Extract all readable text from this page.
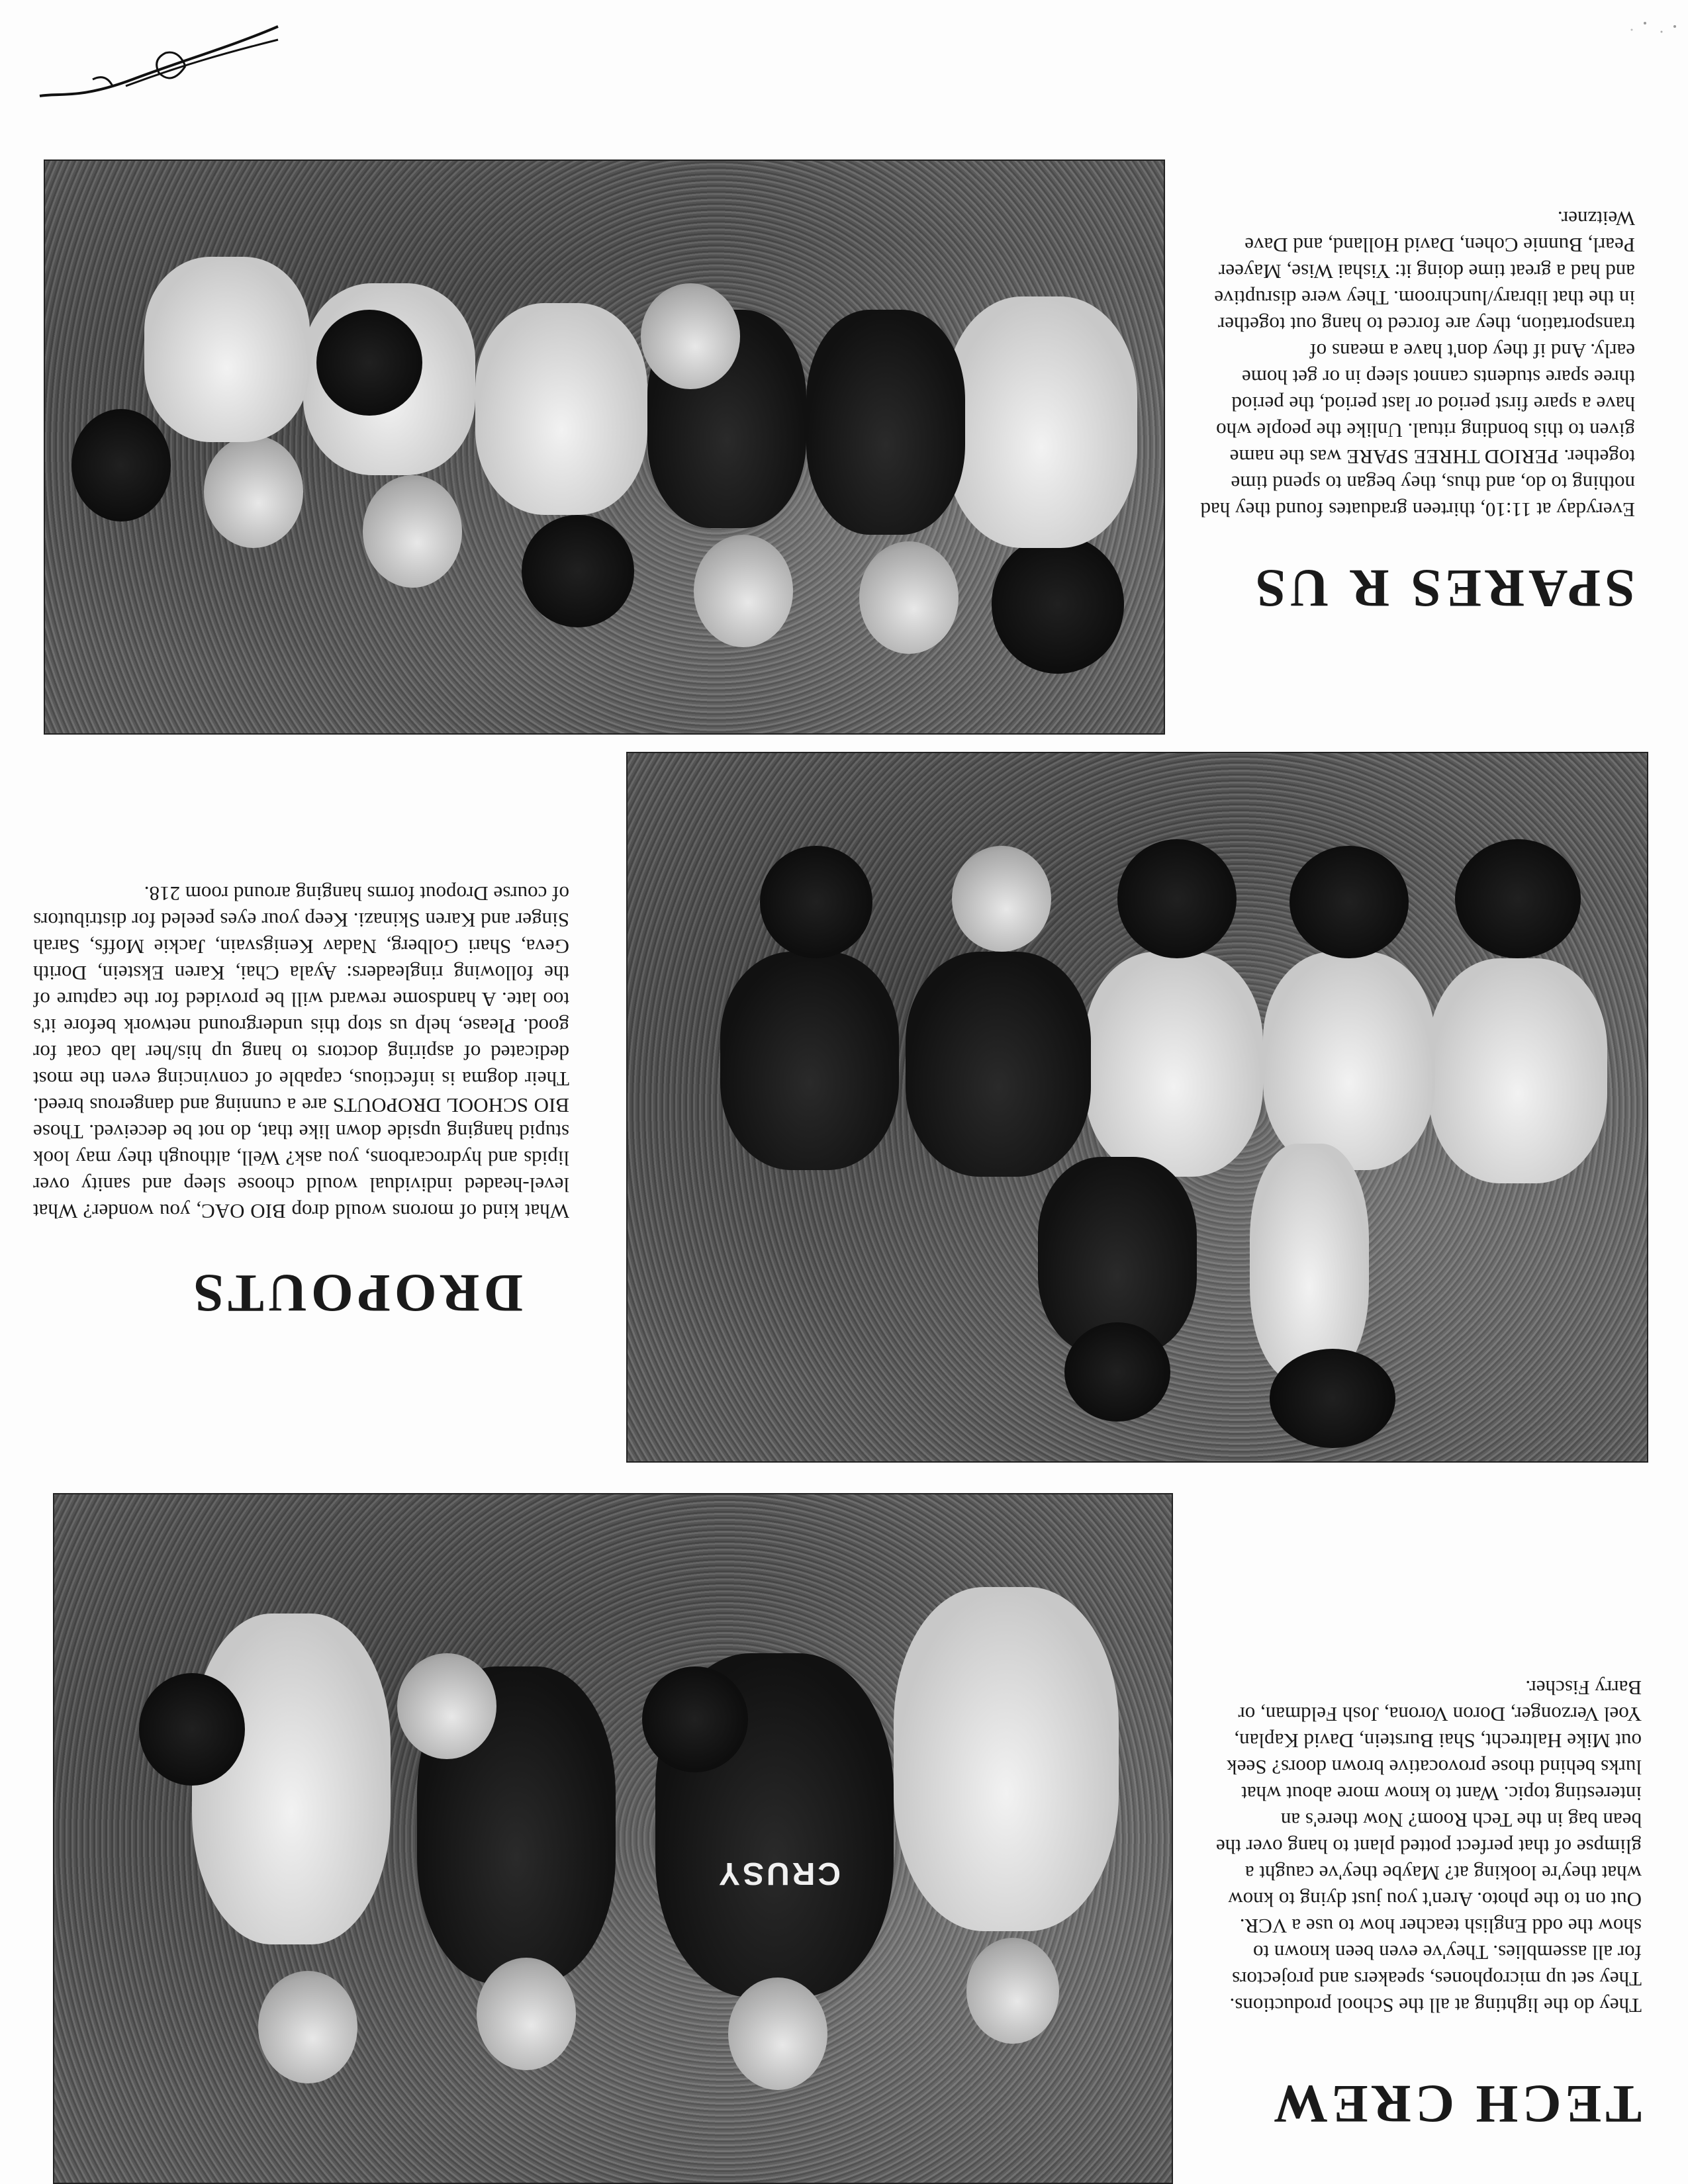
CRUSY
TECH CREW

They do the lighting at all the School productions. They set up microphones, speakers and projectors for all assemblies. They've even been known to show the odd English teacher how to use a VCR. Out on to the photo. Aren't you just dying to know what they're looking at? Maybe they've caught a glimpse of that perfect potted plant to hang over the bean bag in the Tech Room? Now there's an interesting topic. Want to know more about what lurks behind those provocative brown doors? Seek out Mike Haltrecht, Shai Burstein, David Kaplan, Yoel Verzonger, Doron Vorona, Josh Feldman, or Barry Fischer.

DROPOUTS

What kind of morons would drop BIO OAC, you wonder? What level-headed individual would choose sleep and sanity over lipids and hydrocarbons, you ask? Well, although they may look stupid hanging upside down like that, do not be deceived. Those BIO SCHOOL DROPOUTS are a cunning and dangerous breed. Their dogma is infectious, capable of convincing even the most dedicated of aspiring doctors to hang up his/her lab coat for good. Please, help us stop this underground network before it's too late. A handsome reward will be provided for the capture of the following ringleaders: Ayala Chai, Karen Ekstein, Dorith Geva, Shari Golberg, Nadav Kenigsvain, Jackie Moffs, Sarah Singer and Karen Skinazi. Keep your eyes peeled for distributors of course Dropout forms hanging around room 218.

SPARES R US

Everyday at 11:10, thirteen graduates found they had nothing to do, and thus, they began to spend time together. PERIOD THREE SPARE was the name given to this bonding ritual. Unlike the people who have a spare first period or last period, the period three spare students cannot sleep in or get home early. And if they don't have a means of transportation, they are forced to hang out together in the that library/lunchroom. They were disruptive and had a great time doing it: Yishai Wise, Mayeer Pearl, Bunnie Cohen, David Holland, and Dave Weitzner.
